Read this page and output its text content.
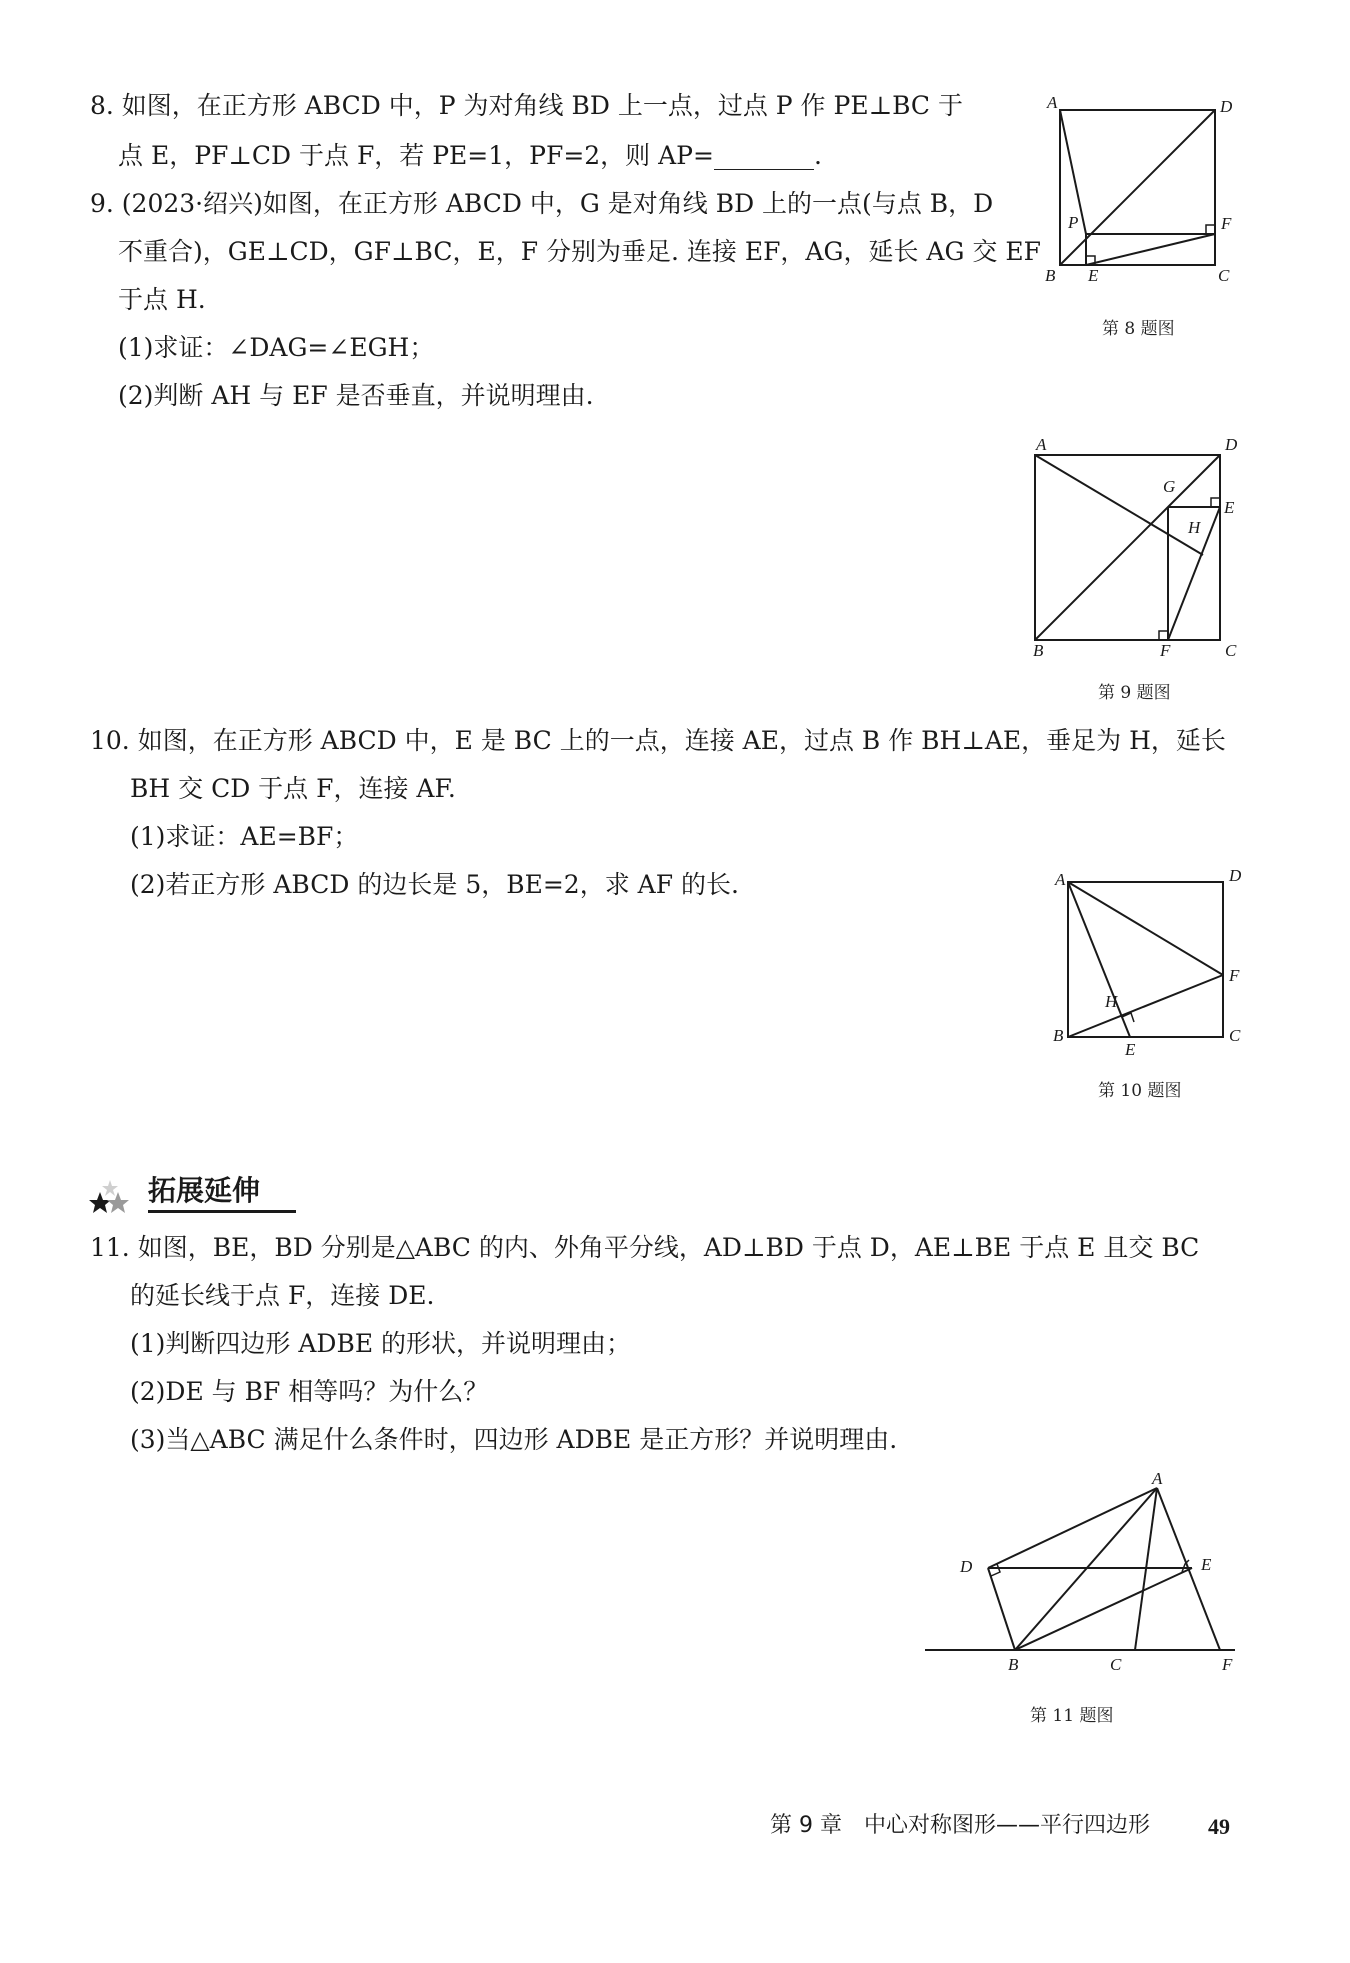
8. 如图，在正方形 ABCD 中，P 为对角线 BD 上一点，过点 P 作 PE⊥BC 于
点 E，PF⊥CD 于点 F，若 PE=1，PF=2，则 AP=________.
9. (2023·绍兴)如图，在正方形 ABCD 中，G 是对角线 BD 上的一点(与点 B，D
不重合)，GE⊥CD，GF⊥BC，E，F 分别为垂足. 连接 EF，AG，延长 AG 交 EF
于点 H.
(1)求证：∠DAG=∠EGH；
(2)判断 AH 与 EF 是否垂直，并说明理由.
A	D
B	C
E
F
P
第 8 题图
A	D
G
E
H
B	F	C
第 9 题图
10. 如图，在正方形 ABCD 中，E 是 BC 上的一点，连接 AE，过点 B 作 BH⊥AE，垂足为 H，延长
BH 交 CD 于点 F，连接 AF.
(1)求证：AE=BF；
(2)若正方形 ABCD 的边长是 5，BE=2，求 AF 的长.	A	D
F
H
B
E
C
第 10 题图
拓展延伸
11. 如图，BE，BD 分别是△ABC 的内、外角平分线，AD⊥BD 于点 D，AE⊥BE 于点 E 且交 BC
的延长线于点 F，连接 DE.
(1)判断四边形 ADBE 的形状，并说明理由；
(2)DE 与 BF 相等吗？为什么？
(3)当△ABC 满足什么条件时，四边形 ADBE 是正方形？并说明理由.
A
D	E
B	C	F
第 11 题图
第 9 章　中心对称图形——平行四边形	49
